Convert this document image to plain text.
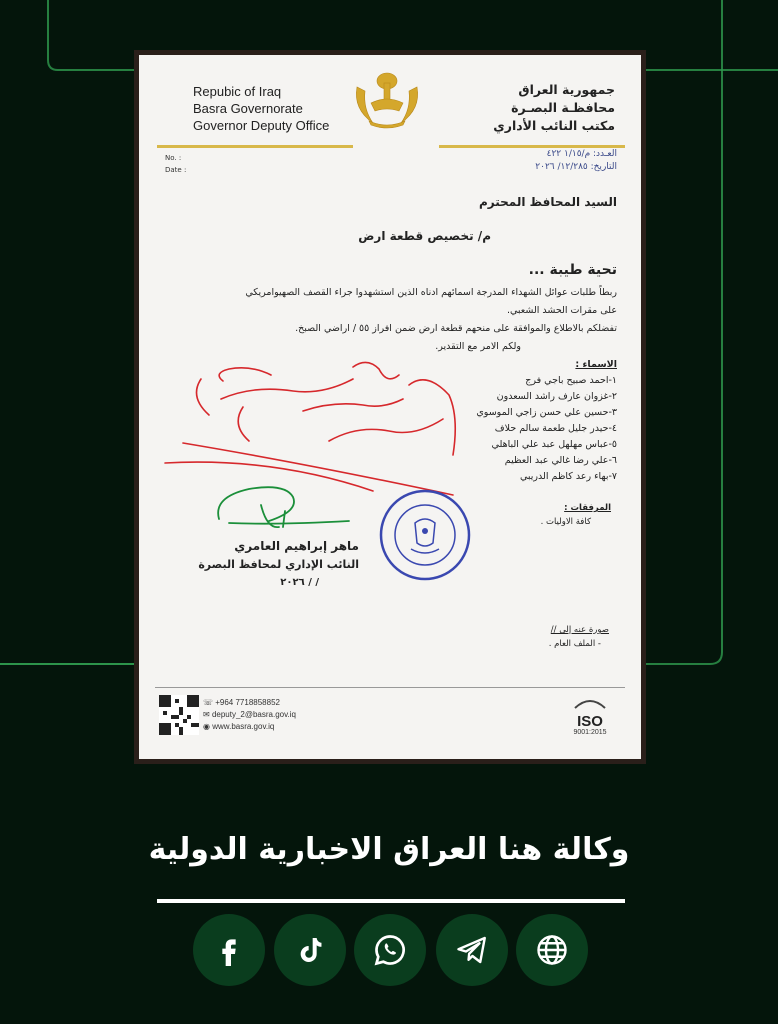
Repubic of Iraq
Basra Governorate
Governor Deputy Office
جمهورية العراق
محافظـة البصـرة
مكتب النائب الأداري
No. :
Date :
العـدد: م/١/١٥ ٤٢٢
التاريخ: ١٢/٢٨٥/ ٢٠٢٦
السيد المحافظ المحترم
م/ تخصيص قطعة ارض
تحية طيبة ...
ربطاً طلبات عوائل الشهداء المدرجة اسمائهم ادناه الذين استشهدوا جراء القصف الصهيوامريكي
على مقرات الحشد الشعبي.
تفضلكم بالاطلاع والموافقة على منحهم قطعة ارض ضمن افراز ٥٥ / اراضي الصبخ.
ولكم الامر مع التقدير.
الاسماء :
١-احمد صبيح باجي فرج
٢-غزوان عارف راشد السعدون
٣-حسين علي حسن زاجي الموسوي
٤-حيدر جليل طعمة سالم حلاف
٥-عباس مهلهل عبد علي الباهلي
٦-علي رضا غالي عبد العظيم
٧-بهاء رعد كاظم الدريبي
المرفقات :
كافة الاوليات .
ماهر إبراهيم العامري
النائب الإداري لمحافظ البصرة
/ / ٢٠٢٦
صورة عنه إلى //
- الملف العام .
☏ +964 7718858852
✉ deputy_2@basra.gov.iq
◉ www.basra.gov.iq	ISO
9001:2015
وكالة هنا العراق الاخبارية الدولية
